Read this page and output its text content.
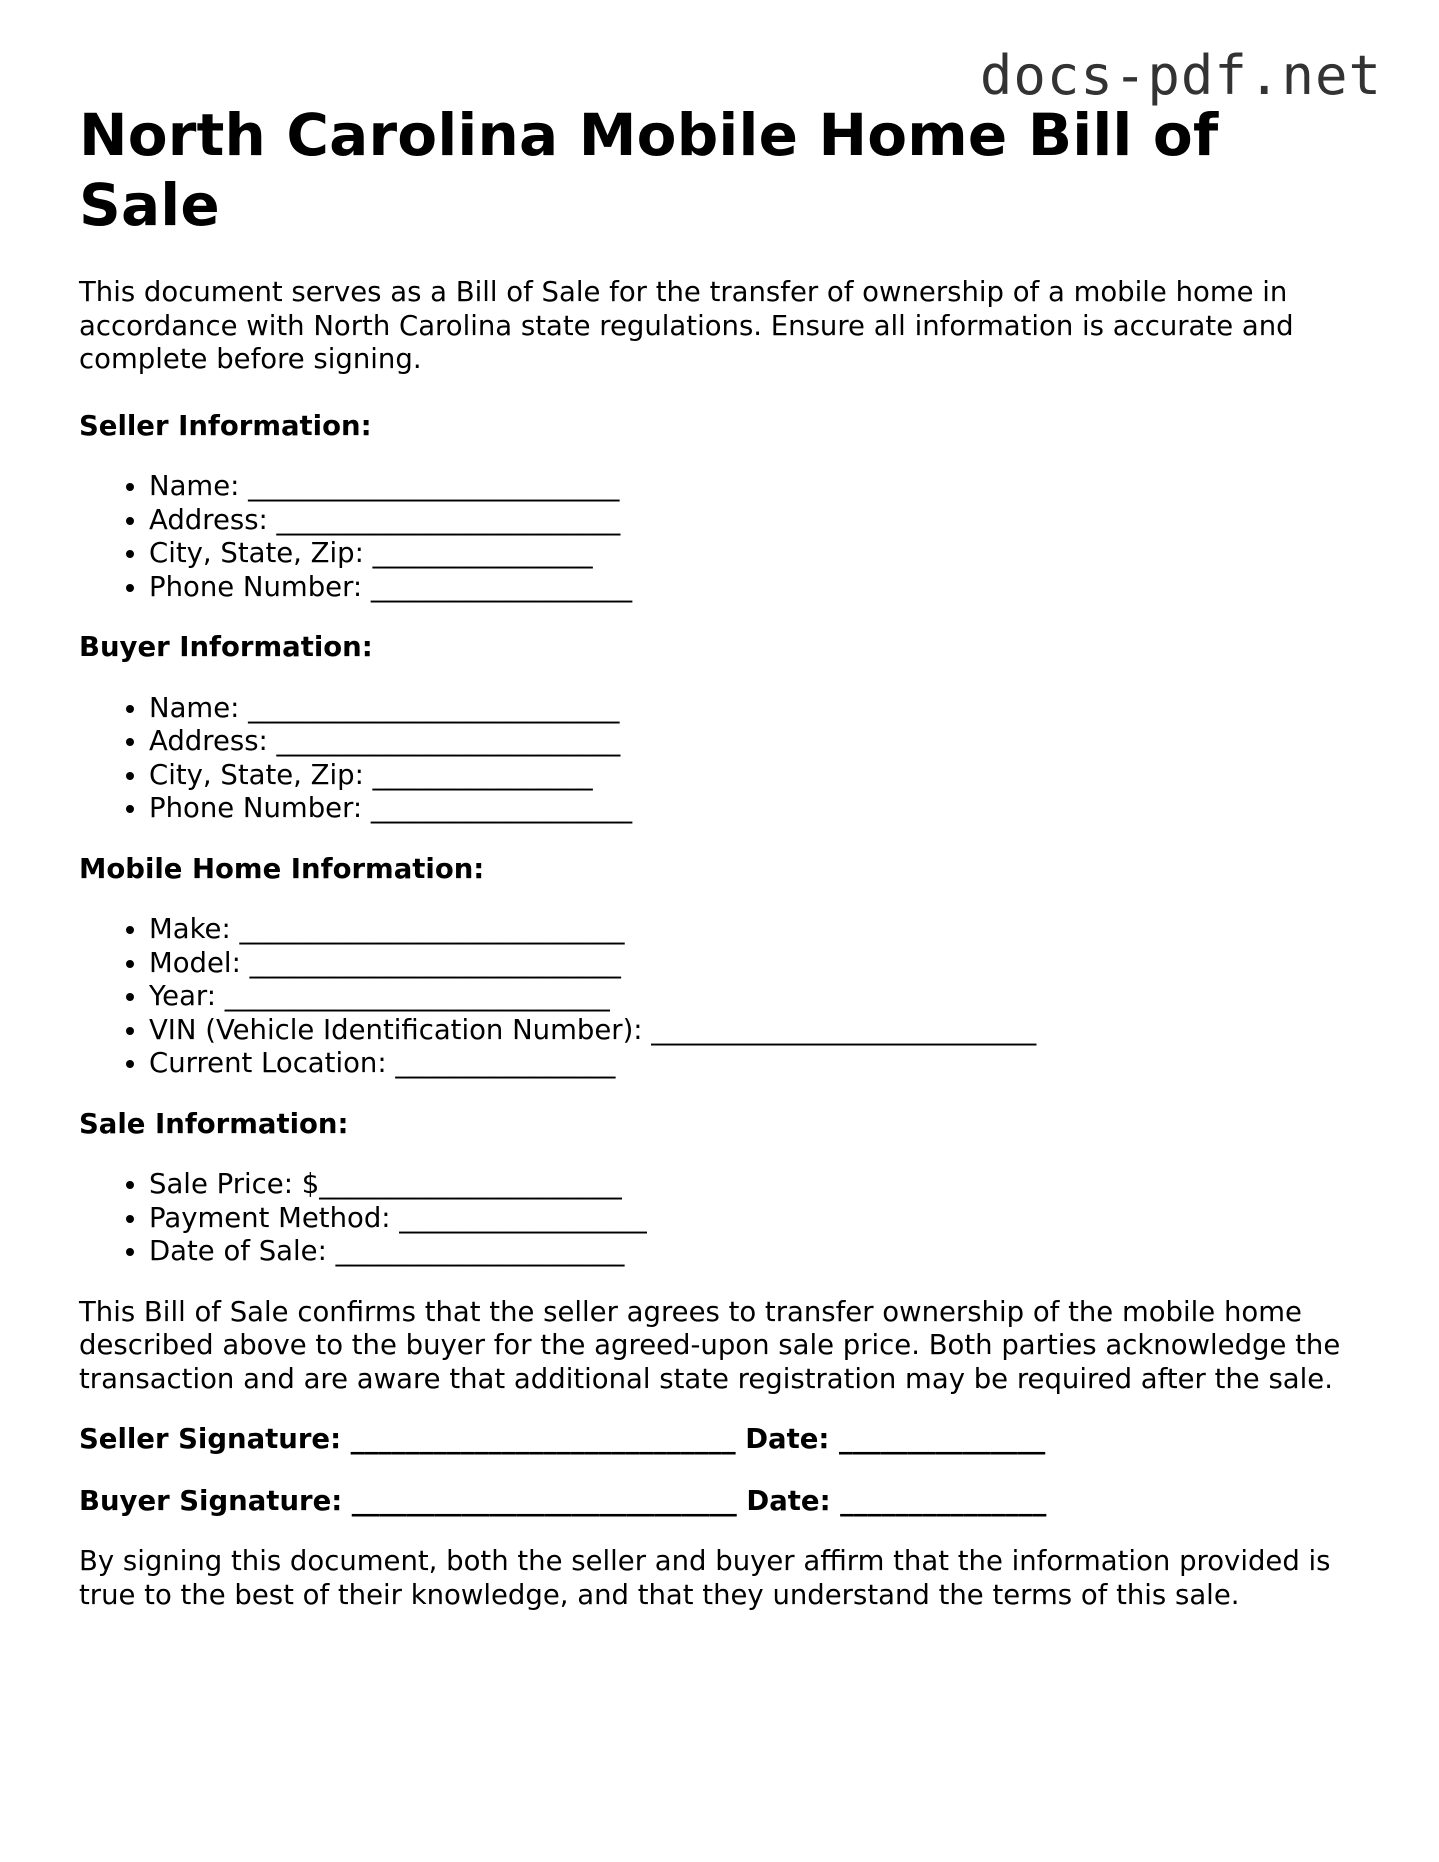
docs-pdf.net
North Carolina Mobile Home Bill of Sale

This document serves as a Bill of Sale for the transfer of ownership of a mobile home in accordance with North Carolina state regulations. Ensure all information is accurate and complete before signing.

Seller Information:

• Name: ___________________________
• Address: _________________________
• City, State, Zip: ________________
• Phone Number: ___________________

Buyer Information:

• Name: ___________________________
• Address: _________________________
• City, State, Zip: ________________
• Phone Number: ___________________

Mobile Home Information:

• Make: ____________________________
• Model: ___________________________
• Year: ____________________________
• VIN (Vehicle Identification Number): ____________________________
• Current Location: ________________

Sale Information:

• Sale Price: $______________________
• Payment Method: __________________
• Date of Sale: _____________________

This Bill of Sale confirms that the seller agrees to transfer ownership of the mobile home described above to the buyer for the agreed-upon sale price. Both parties acknowledge the transaction and are aware that additional state registration may be required after the sale.

Seller Signature: ____________________________ Date: _______________

Buyer Signature: ____________________________ Date: _______________

By signing this document, both the seller and buyer affirm that the information provided is true to the best of their knowledge, and that they understand the terms of this sale.
